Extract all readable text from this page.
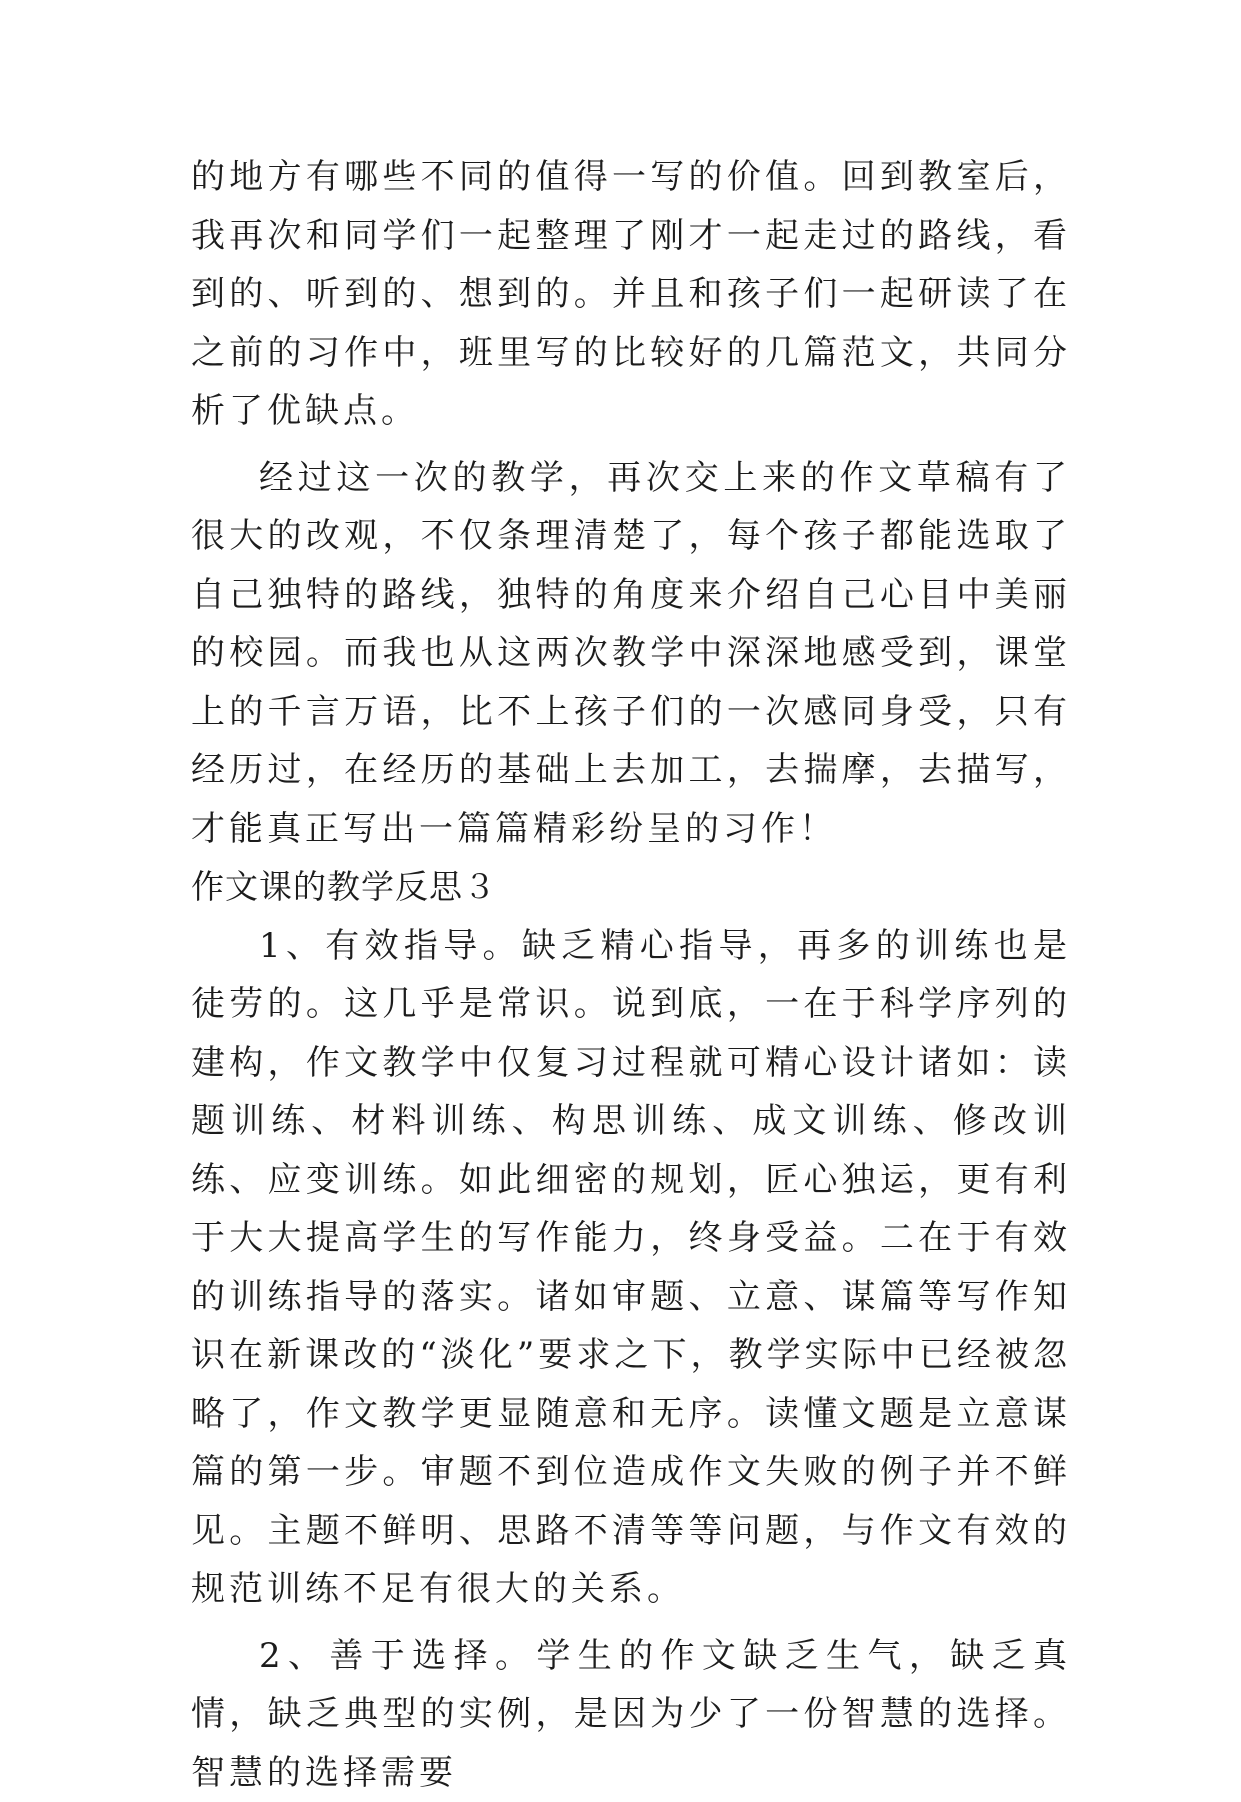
的地方有哪些不同的值得一写的价值。回到教室后，我再次和同学们一起整理了刚才一起走过的路线，看到的、听到的、想到的。并且和孩子们一起研读了在之前的习作中，班里写的比较好的几篇范文，共同分析了优缺点。

经过这一次的教学，再次交上来的作文草稿有了很大的改观，不仅条理清楚了，每个孩子都能选取了自己独特的路线，独特的角度来介绍自己心目中美丽的校园。而我也从这两次教学中深深地感受到，课堂上的千言万语，比不上孩子们的一次感同身受，只有经历过，在经历的基础上去加工，去揣摩，去描写，才能真正写出一篇篇精彩纷呈的习作！

作文课的教学反思３

1、有效指导。缺乏精心指导，再多的训练也是徒劳的。这几乎是常识。说到底，一在于科学序列的建构，作文教学中仅复习过程就可精心设计诸如：读题训练、材料训练、构思训练、成文训练、修改训练、应变训练。如此细密的规划，匠心独运，更有利于大大提高学生的写作能力，终身受益。二在于有效的训练指导的落实。诸如审题、立意、谋篇等写作知识在新课改的“淡化”要求之下，教学实际中已经被忽略了，作文教学更显随意和无序。读懂文题是立意谋篇的第一步。审题不到位造成作文失败的例子并不鲜见。主题不鲜明、思路不清等等问题，与作文有效的规范训练不足有很大的关系。

2、善于选择。学生的作文缺乏生气，缺乏真情，缺乏典型的实例，是因为少了一份智慧的选择。智慧的选择需要
